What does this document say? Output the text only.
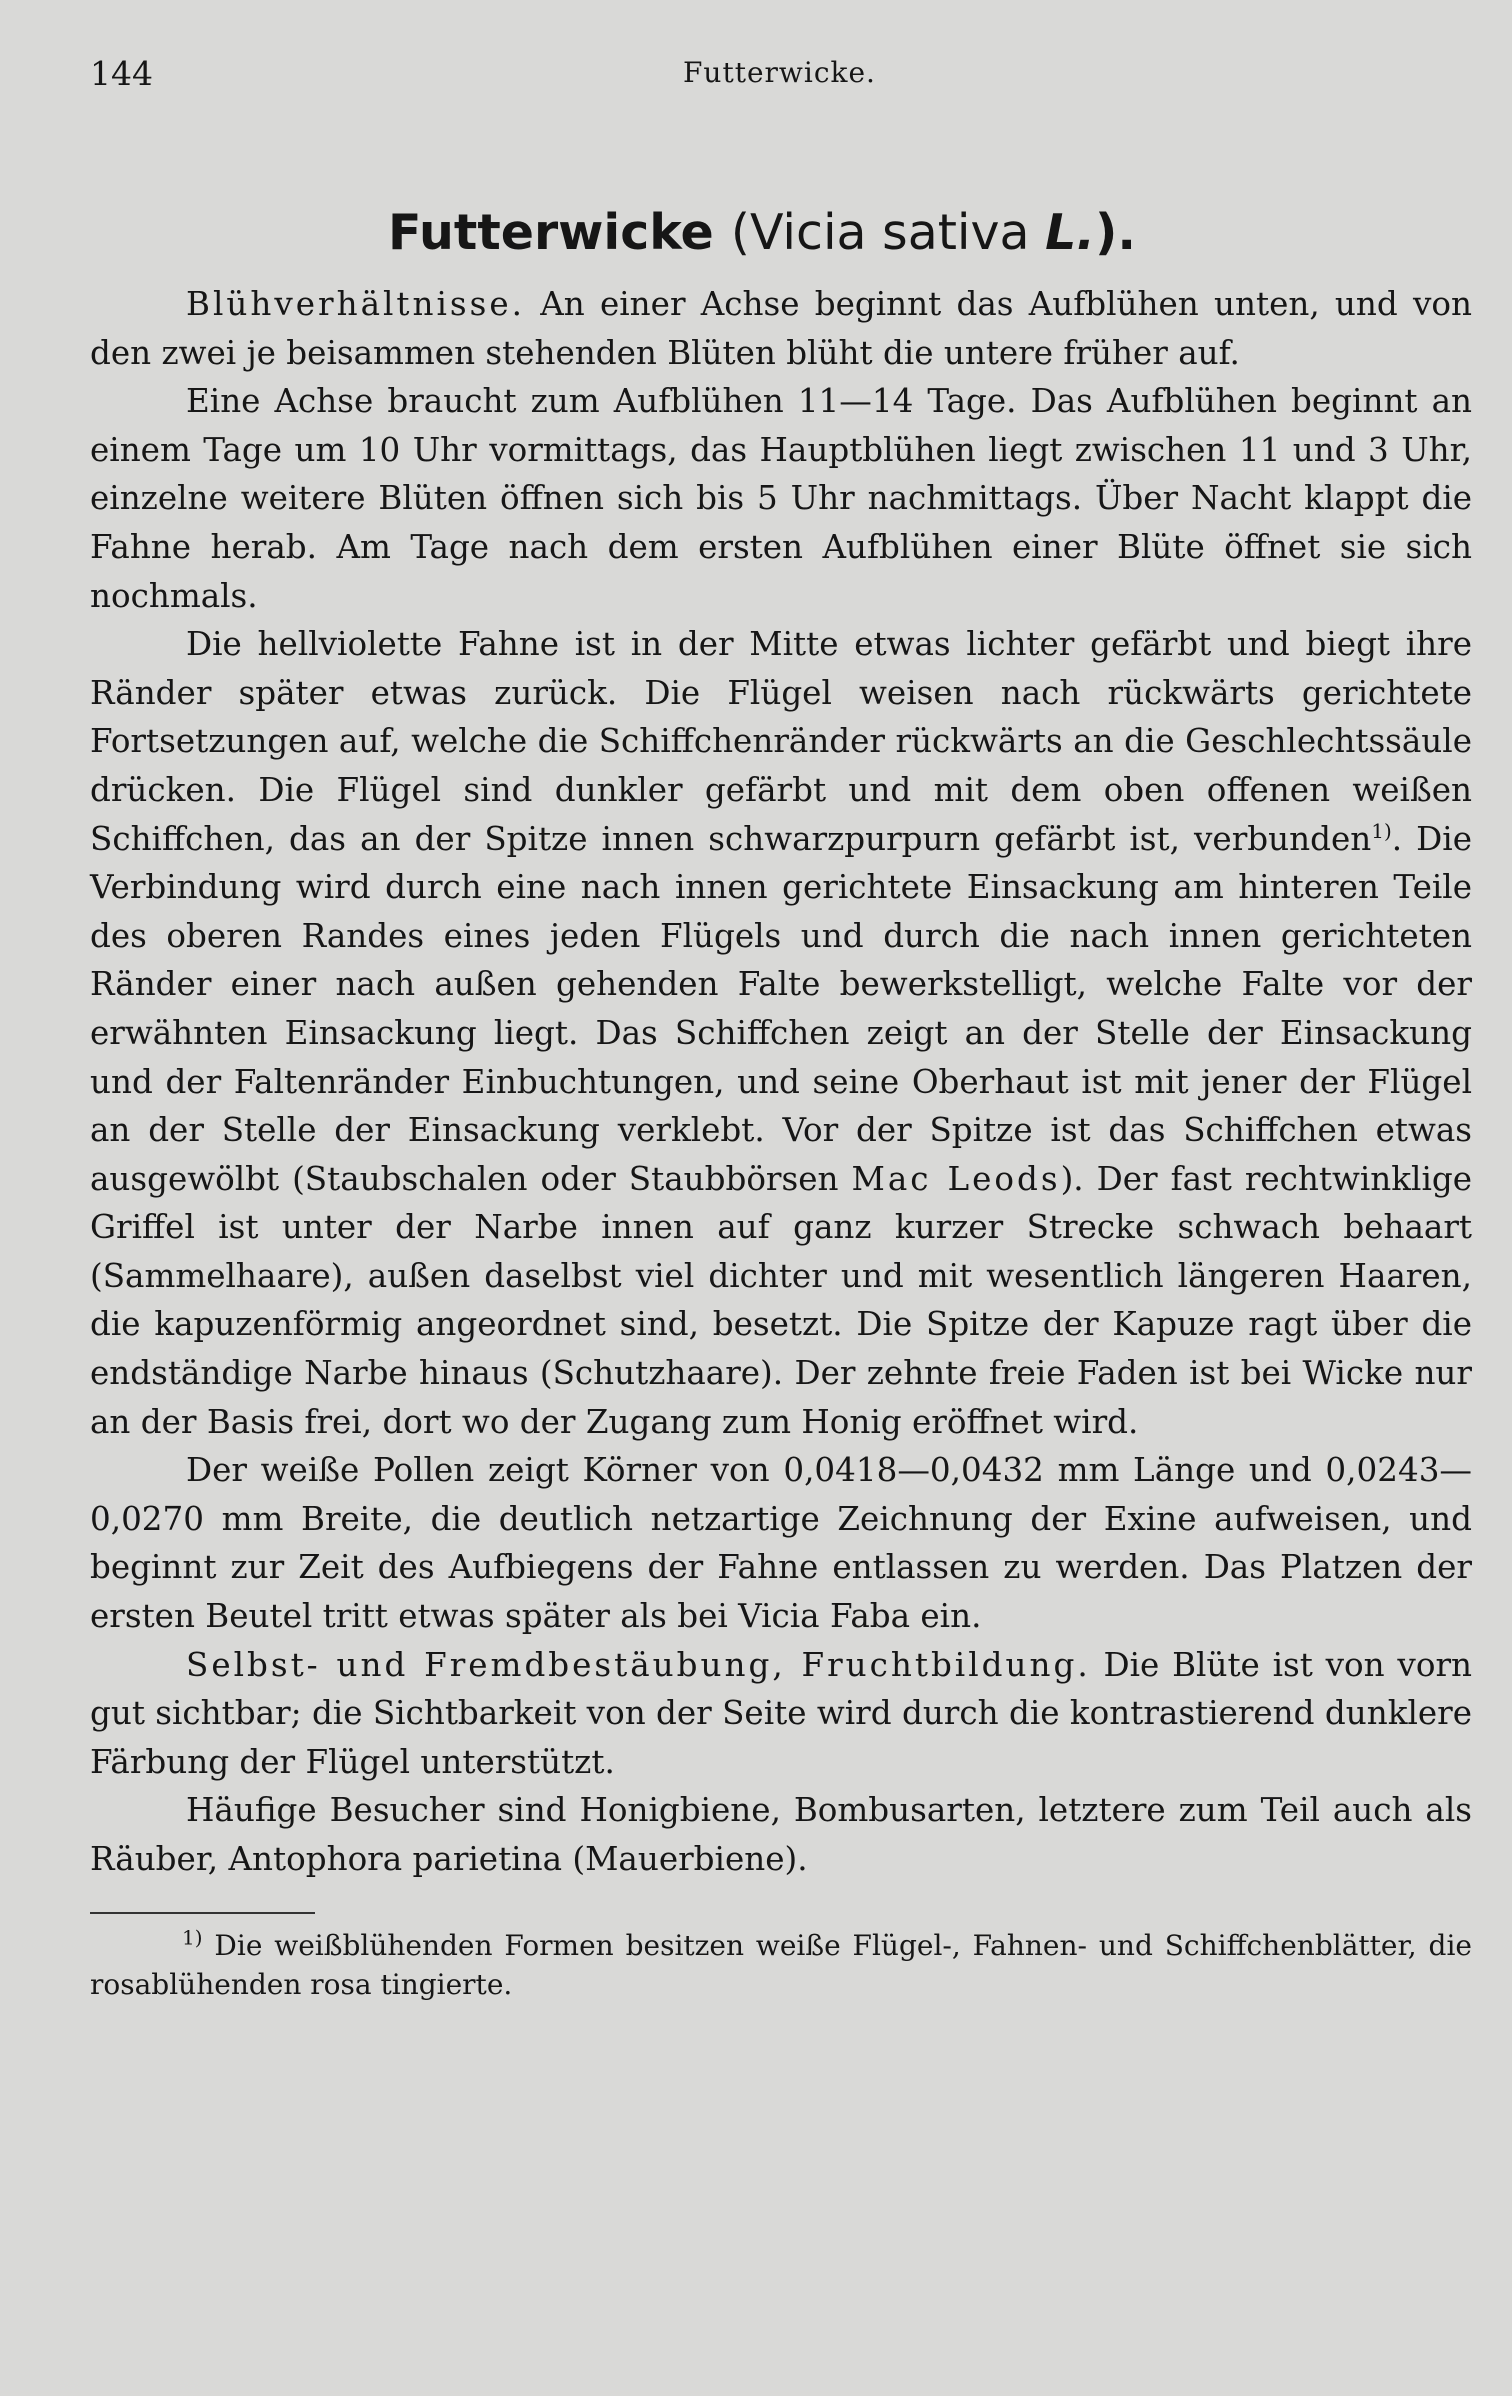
144	Futterwicke.
Futterwicke (Vicia sativa L.).

Blühverhältnisse. An einer Achse beginnt das Aufblühen unten, und von den zwei je beisammen stehenden Blüten blüht die untere früher auf.

Eine Achse braucht zum Aufblühen 11—14 Tage. Das Aufblühen beginnt an einem Tage um 10 Uhr vormittags, das Hauptblühen liegt zwischen 11 und 3 Uhr, einzelne weitere Blüten öffnen sich bis 5 Uhr nachmittags. Über Nacht klappt die Fahne herab. Am Tage nach dem ersten Aufblühen einer Blüte öffnet sie sich nochmals.

Die hellviolette Fahne ist in der Mitte etwas lichter gefärbt und biegt ihre Ränder später etwas zurück. Die Flügel weisen nach rückwärts gerichtete Fortsetzungen auf, welche die Schiffchenränder rückwärts an die Geschlechtssäule drücken. Die Flügel sind dunkler gefärbt und mit dem oben offenen weißen Schiffchen, das an der Spitze innen schwarzpurpurn gefärbt ist, verbunden$^{1)}$. Die Verbindung wird durch eine nach innen gerichtete Einsackung am hinteren Teile des oberen Randes eines jeden Flügels und durch die nach innen gerichteten Ränder einer nach außen gehenden Falte bewerkstelligt, welche Falte vor der erwähnten Einsackung liegt. Das Schiffchen zeigt an der Stelle der Einsackung und der Faltenränder Einbuchtungen, und seine Oberhaut ist mit jener der Flügel an der Stelle der Einsackung verklebt. Vor der Spitze ist das Schiffchen etwas ausgewölbt (Staubschalen oder Staubbörsen Mac Leods). Der fast rechtwinklige Griffel ist unter der Narbe innen auf ganz kurzer Strecke schwach behaart (Sammelhaare), außen daselbst viel dichter und mit wesentlich längeren Haaren, die kapuzenförmig angeordnet sind, besetzt. Die Spitze der Kapuze ragt über die endständige Narbe hinaus (Schutzhaare). Der zehnte freie Faden ist bei Wicke nur an der Basis frei, dort wo der Zugang zum Honig eröffnet wird.

Der weiße Pollen zeigt Körner von 0,0418—0,0432 mm Länge und 0,0243—0,0270 mm Breite, die deutlich netzartige Zeichnung der Exine aufweisen, und beginnt zur Zeit des Aufbiegens der Fahne entlassen zu werden. Das Platzen der ersten Beutel tritt etwas später als bei Vicia Faba ein.

Selbst- und Fremdbestäubung, Fruchtbildung. Die Blüte ist von vorn gut sichtbar; die Sichtbarkeit von der Seite wird durch die kontrastierend dunklere Färbung der Flügel unterstützt.

Häufige Besucher sind Honigbiene, Bombusarten, letztere zum Teil auch als Räuber, Antophora parietina (Mauerbiene).

$^{1)}$ Die weißblühenden Formen besitzen weiße Flügel-, Fahnen- und Schiffchenblätter, die rosablühenden rosa tingierte.
